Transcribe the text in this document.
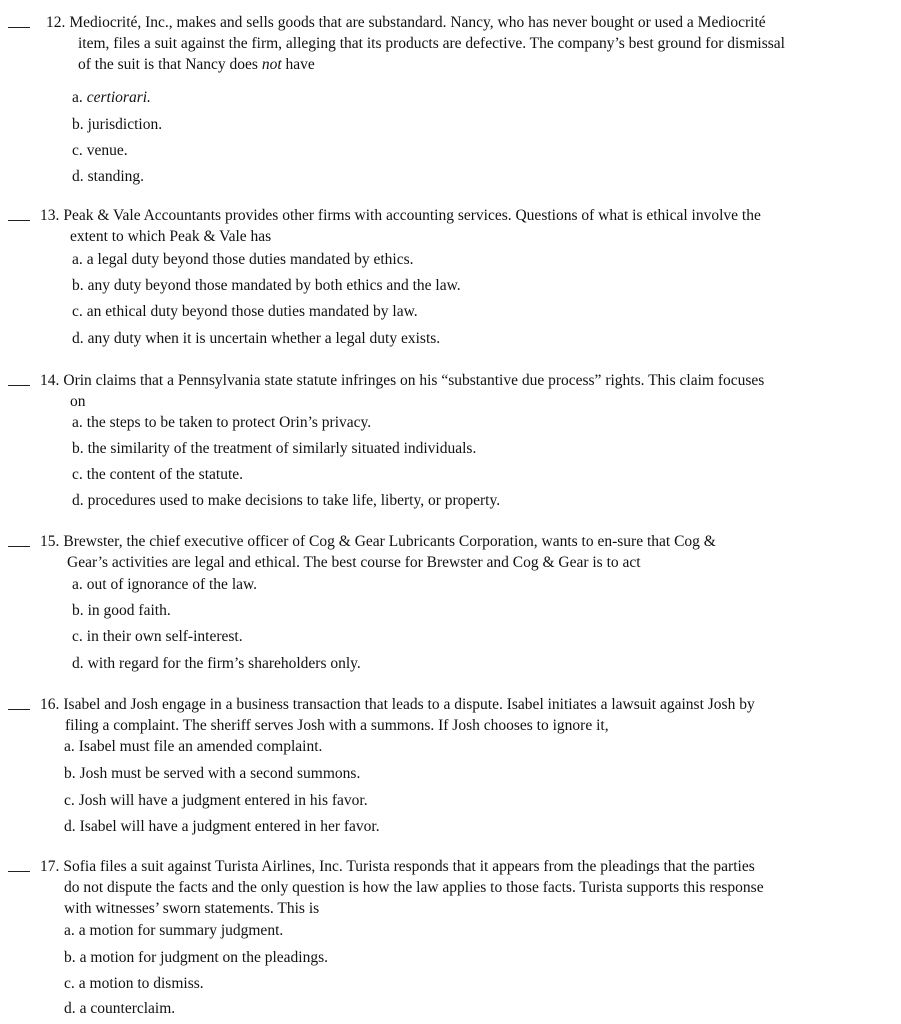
12. Mediocrité, Inc., makes and sells goods that are substandard. Nancy, who has never bought or used a Mediocrité
item, files a suit against the firm, alleging that its products are defective. The company’s best ground for dismissal
of the suit is that Nancy does not have
a. certiorari.
b. jurisdiction.
c. venue.
d. standing.
13. Peak & Vale Accountants provides other firms with accounting services. Questions of what is ethical involve the
extent to which Peak & Vale has
a. a legal duty beyond those duties mandated by ethics.
b. any duty beyond those mandated by both ethics and the law.
c. an ethical duty beyond those duties mandated by law.
d. any duty when it is uncertain whether a legal duty exists.
14. Orin claims that a Pennsylvania state statute infringes on his “substantive due process” rights. This claim focuses
on
a. the steps to be taken to protect Orin’s privacy.
b. the similarity of the treatment of similarly situated individuals.
c. the content of the statute.
d. procedures used to make decisions to take life, liberty, or property.
15. Brewster, the chief executive officer of Cog & Gear Lubricants Corporation, wants to en-sure that Cog &
Gear’s activities are legal and ethical. The best course for Brewster and Cog & Gear is to act
a. out of ignorance of the law.
b. in good faith.
c. in their own self-interest.
d. with regard for the firm’s shareholders only.
16. Isabel and Josh engage in a business transaction that leads to a dispute. Isabel initiates a lawsuit against Josh by
filing a complaint. The sheriff serves Josh with a summons. If Josh chooses to ignore it,
a. Isabel must file an amended complaint.
b. Josh must be served with a second summons.
c. Josh will have a judgment entered in his favor.
d. Isabel will have a judgment entered in her favor.
17. Sofia files a suit against Turista Airlines, Inc. Turista responds that it appears from the pleadings that the parties
do not dispute the facts and the only question is how the law applies to those facts. Turista supports this response
with witnesses’ sworn statements. This is
a. a motion for summary judgment.
b. a motion for judgment on the pleadings.
c. a motion to dismiss.
d. a counterclaim.
